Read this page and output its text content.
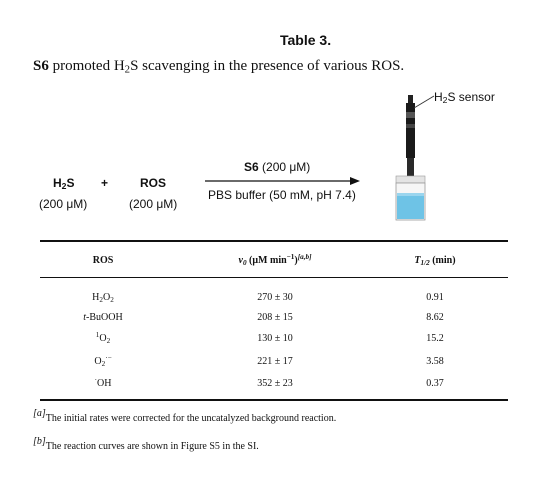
Table 3.
S6 promoted $H_2S$ scavenging in the presence of various ROS.
$H_2S$
(200 μM)
+	ROS
(200 μM)
S6 (200 μM)
PBS buffer (50 mM, pH 7.4)
$H_2S$ sensor
ROS	$v_0$ (μM $\min^{-1})[a,b]$	$T_{1/2}$ (min)
$H_2O_2$	270 ± 30	0.91
t-BuOOH	208 ± 15	8.62
$^1O_2$	130 ± 10	15.2
$O_2^{\cdot-}$	221 ± 17	3.58
·OH	352 ± 23	0.37
[a]The initial rates were corrected for the uncatalyzed background reaction.
[b]The reaction curves are shown in Figure S5 in the SI.
